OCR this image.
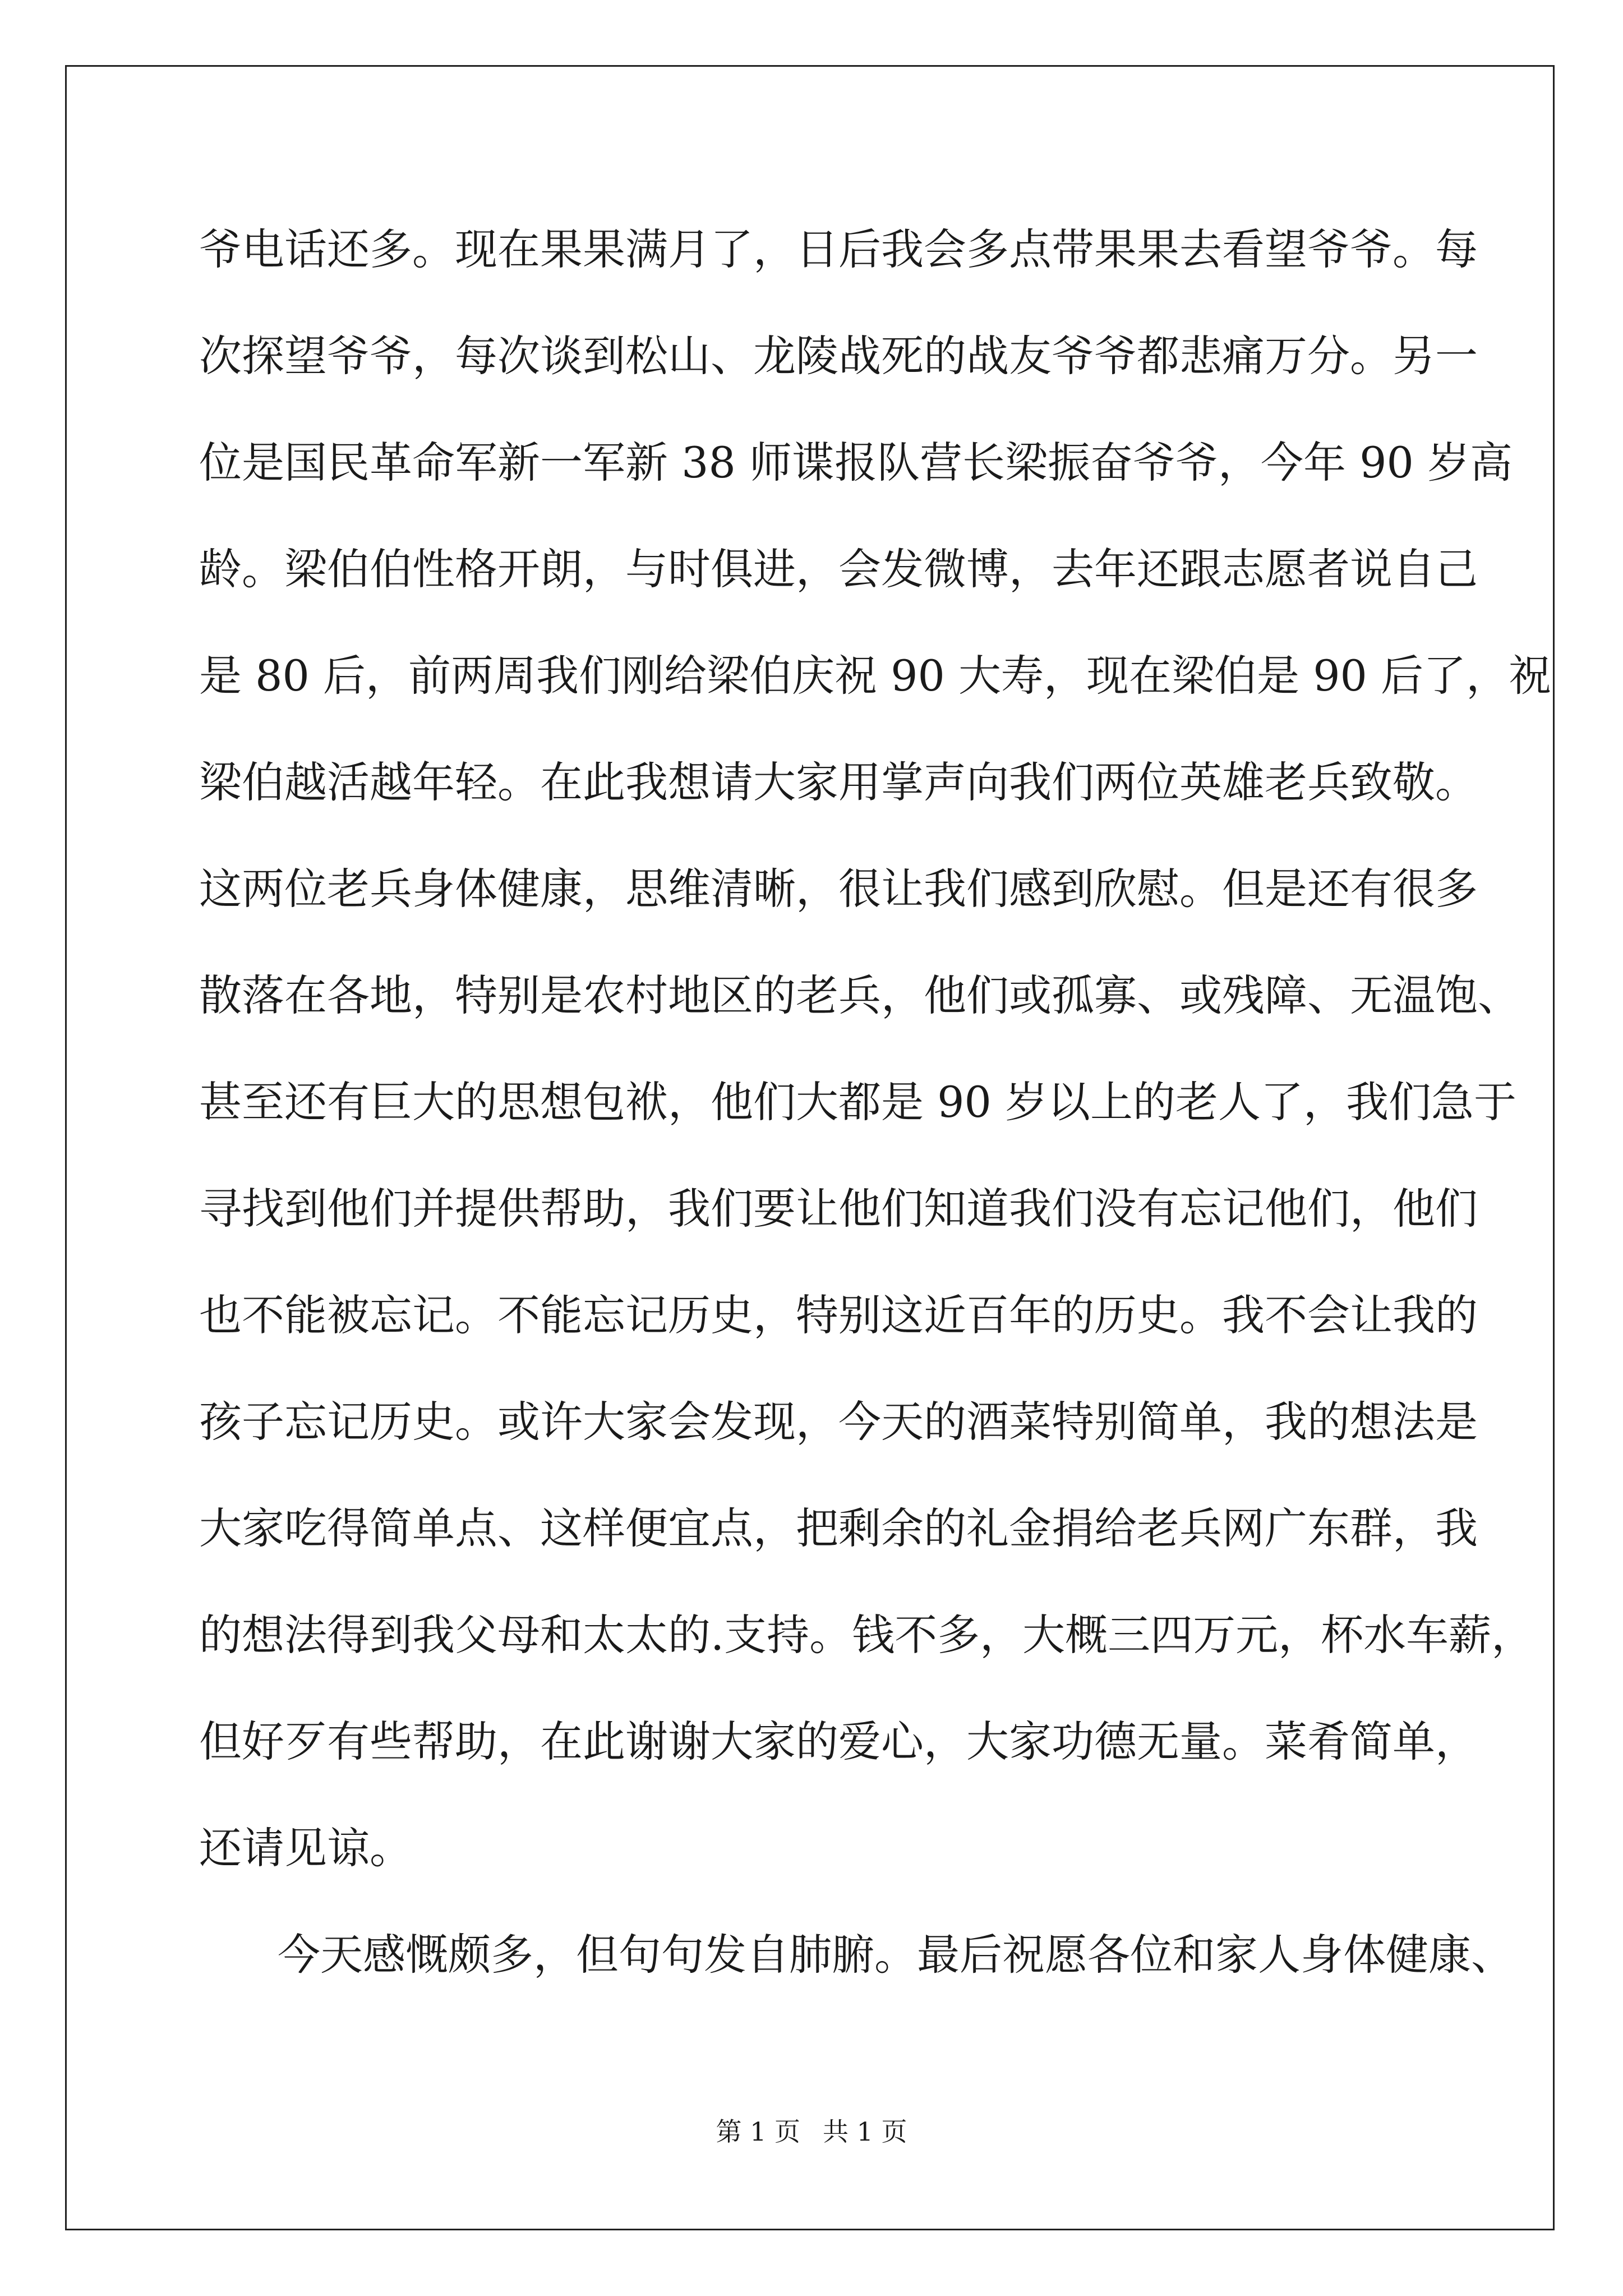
爷电话还多。现在果果满月了，日后我会多点带果果去看望爷爷。每
次探望爷爷，每次谈到松山、龙陵战死的战友爷爷都悲痛万分。另一
位是国民革命军新一军新 38 师谍报队营长梁振奋爷爷，今年 90 岁高
龄。梁伯伯性格开朗，与时俱进，会发微博，去年还跟志愿者说自己
是 80 后，前两周我们刚给梁伯庆祝 90 大寿，现在梁伯是 90 后了，祝
梁伯越活越年轻。在此我想请大家用掌声向我们两位英雄老兵致敬。
这两位老兵身体健康，思维清晰，很让我们感到欣慰。但是还有很多
散落在各地，特别是农村地区的老兵，他们或孤寡、或残障、无温饱、
甚至还有巨大的思想包袱，他们大都是 90 岁以上的老人了，我们急于
寻找到他们并提供帮助，我们要让他们知道我们没有忘记他们，他们
也不能被忘记。不能忘记历史，特别这近百年的历史。我不会让我的
孩子忘记历史。或许大家会发现，今天的酒菜特别简单，我的想法是
大家吃得简单点、这样便宜点，把剩余的礼金捐给老兵网广东群，我
的想法得到我父母和太太的.支持。钱不多，大概三四万元，杯水车薪，
但好歹有些帮助，在此谢谢大家的爱心，大家功德无量。菜肴简单，
还请见谅。
今天感慨颇多，但句句发自肺腑。最后祝愿各位和家人身体健康、
第 1 页 共 1 页
